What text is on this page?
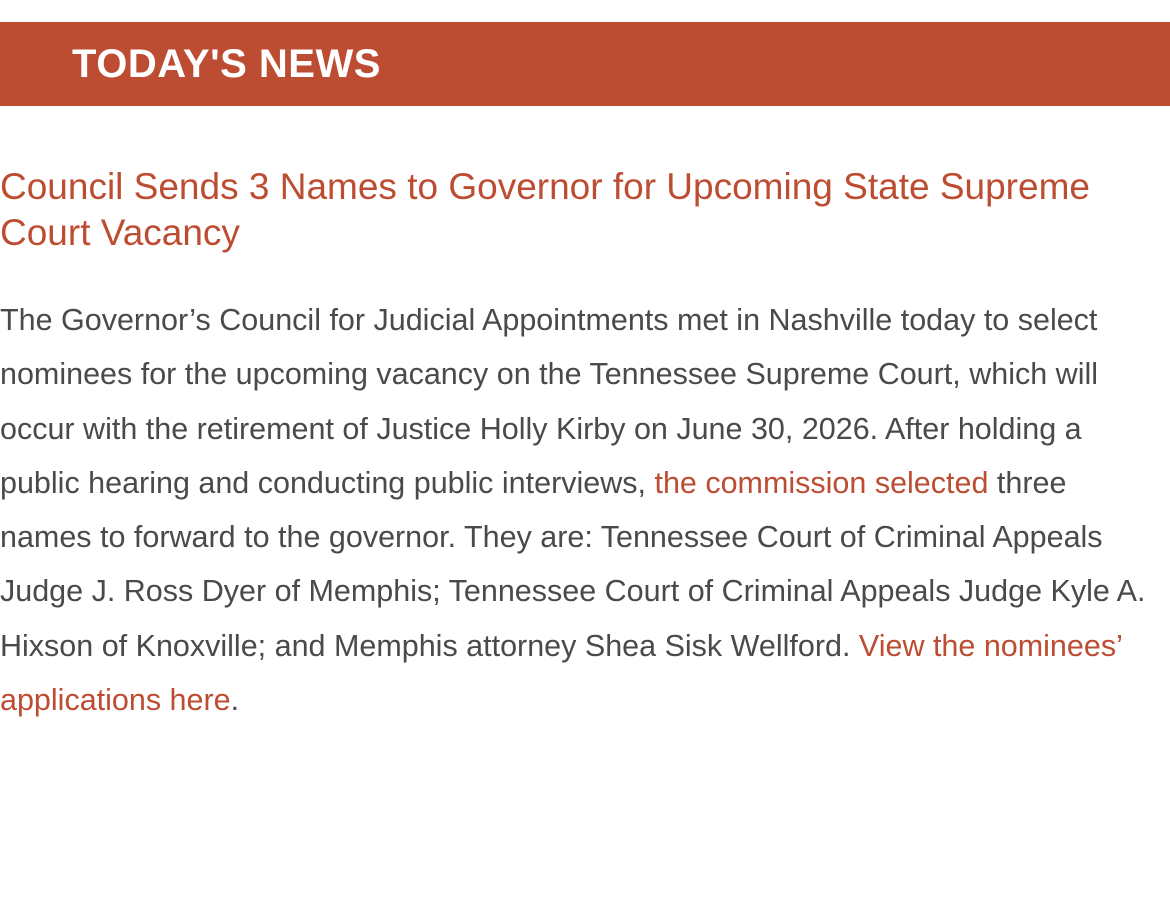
TODAY'S NEWS
Council Sends 3 Names to Governor for Upcoming State Supreme Court Vacancy

The Governor’s Council for Judicial Appointments met in Nashville today to select nominees for the upcoming vacancy on the Tennessee Supreme Court, which will occur with the retirement of Justice Holly Kirby on June 30, 2026. After holding a public hearing and conducting public interviews, the commission selected three names to forward to the governor. They are: Tennessee Court of Criminal Appeals Judge J. Ross Dyer of Memphis; Tennessee Court of Criminal Appeals Judge Kyle A. Hixson of Knoxville; and Memphis attorney Shea Sisk Wellford. View the nominees’ applications here.
